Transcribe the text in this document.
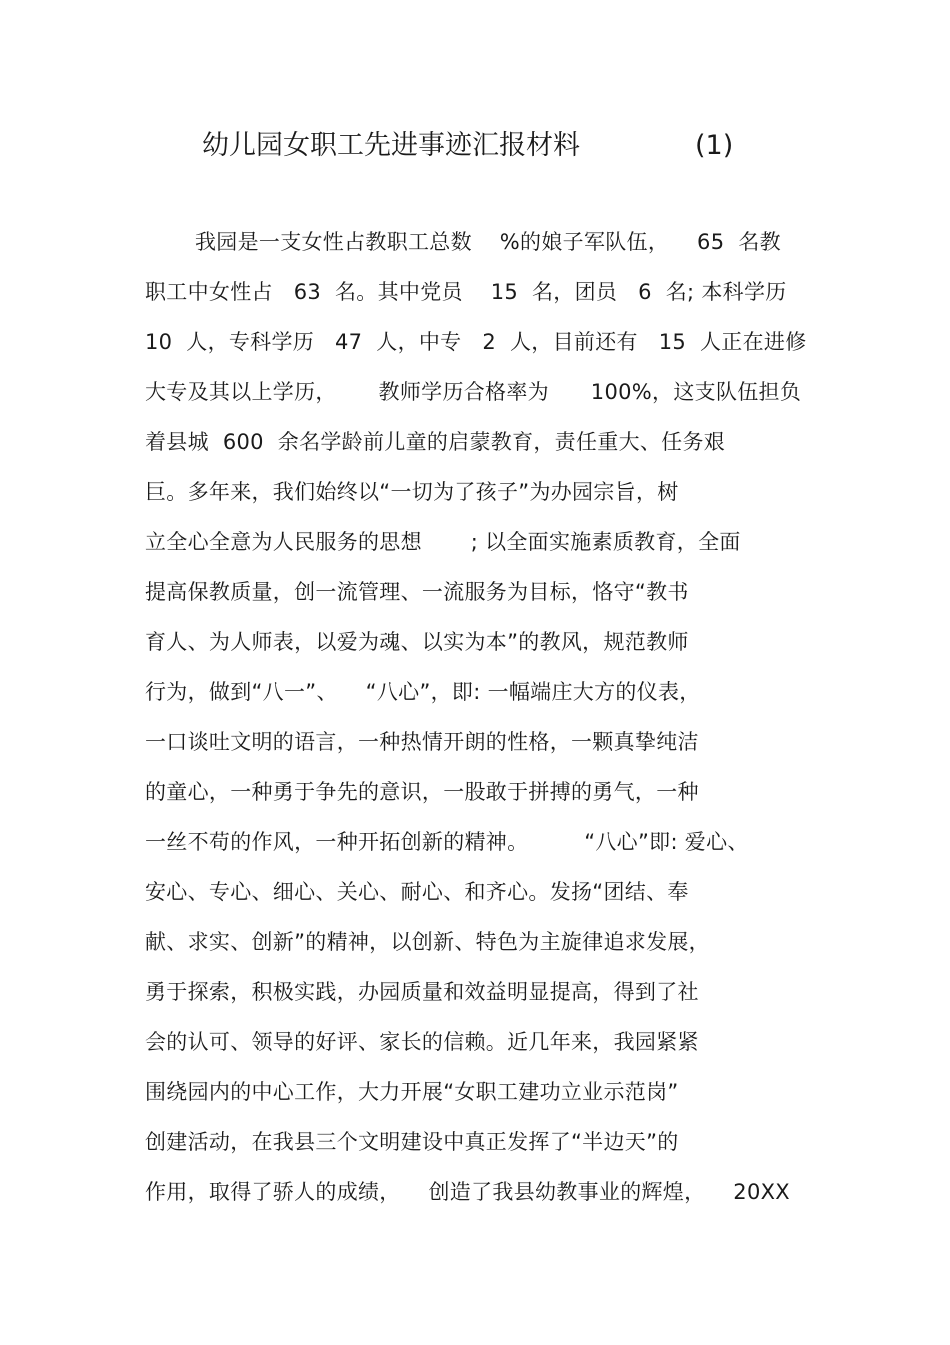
幼儿园女职工先进事迹汇报材料	(1)
我园是一支女性占教职工总数    %的娘子军队伍，    65  名教
职工中女性占   63  名。其中党员    15  名，团员   6  名; 本科学历
10  人，专科学历   47  人，中专   2  人，目前还有   15  人正在进修
大专及其以上学历，      教师学历合格率为      100%，这支队伍担负
着县城  600  余名学龄前儿童的启蒙教育，责任重大、任务艰
巨。多年来，我们始终以“一切为了孩子”为办园宗旨，树
立全心全意为人民服务的思想       ; 以全面实施素质教育，全面
提高保教质量，创一流管理、一流服务为目标，恪守“教书
育人、为人师表，以爱为魂、以实为本”的教风，规范教师
行为，做到“八一”、    “八心”，即: 一幅端庄大方的仪表，
一口谈吐文明的语言，一种热情开朗的性格，一颗真挚纯洁
的童心，一种勇于争先的意识，一股敢于拼搏的勇气，一种
一丝不苟的作风，一种开拓创新的精神。        “八心”即: 爱心、
安心、专心、细心、关心、耐心、和齐心。发扬“团结、奉
献、求实、创新”的精神，以创新、特色为主旋律追求发展，
勇于探索，积极实践，办园质量和效益明显提高，得到了社
会的认可、领导的好评、家长的信赖。近几年来，我园紧紧
围绕园内的中心工作，大力开展“女职工建功立业示范岗”
创建活动，在我县三个文明建设中真正发挥了“半边天”的
作用，取得了骄人的成绩，    创造了我县幼教事业的辉煌，    20XX
